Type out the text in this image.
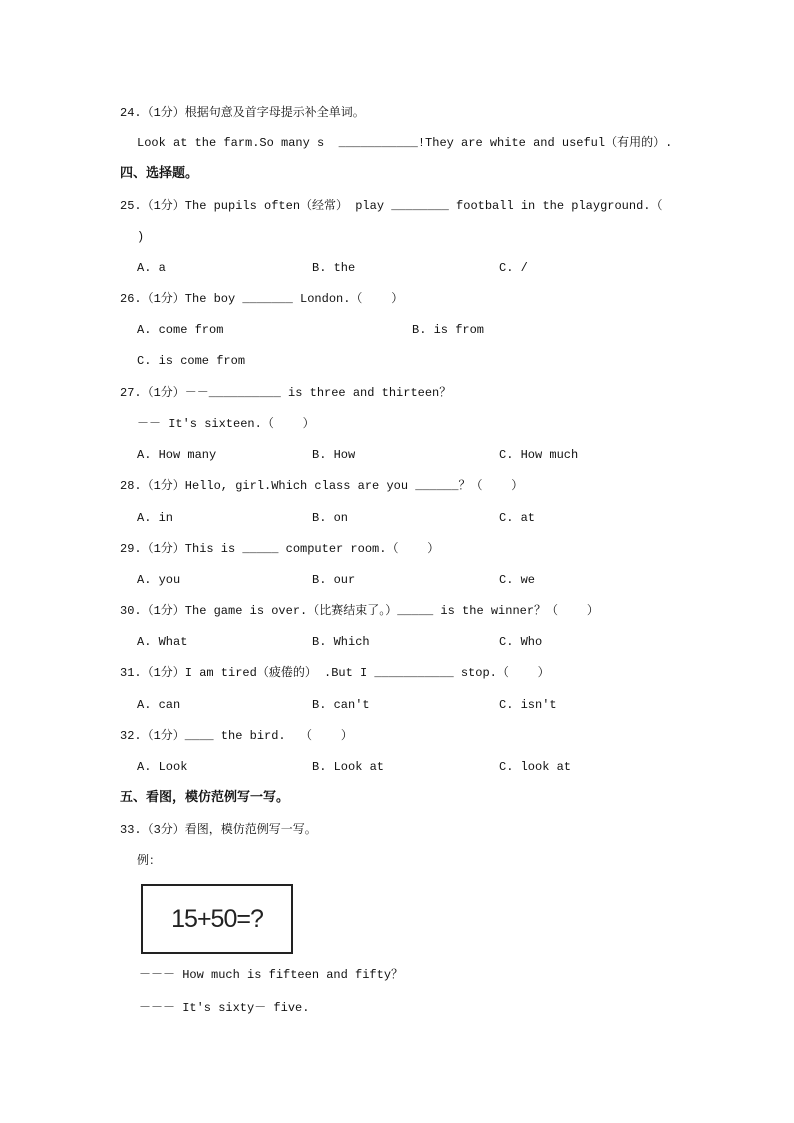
24.（1分）根据句意及首字母提示补全单词。
Look at the farm.So many s  ___________!They are white and useful（有用的）.
四、选择题。
25.（1分）The pupils often（经常） play ________ football in the playground.（
)
A. a	B. the	C. /
26.（1分）The boy _______ London.（    ）
A. come from	B. is from
C. is come from
27.（1分）－－__________ is three and thirteen？
－－ It's sixteen.（    ）
A. How many	B. How	C. How much
28.（1分）Hello, girl.Which class are you ______？（    ）
A. in	B. on	C. at
29.（1分）This is _____ computer room.（    ）
A. you	B. our	C. we
30.（1分）The game is over.（比赛结束了。）_____ is the winner？（    ）
A. What	B. Which	C. Who
31.（1分）I am tired（疲倦的） .But I ___________ stop.（    ）
A. can	B. can't	C. isn't
32.（1分）____ the bird.  （    ）
A. Look	B. Look at	C. look at
五、看图，模仿范例写一写。
33.（3分）看图，模仿范例写一写。
例：
15+50=?
－－－ How much is fifteen and fifty？
－－－ It's sixty－ five.
